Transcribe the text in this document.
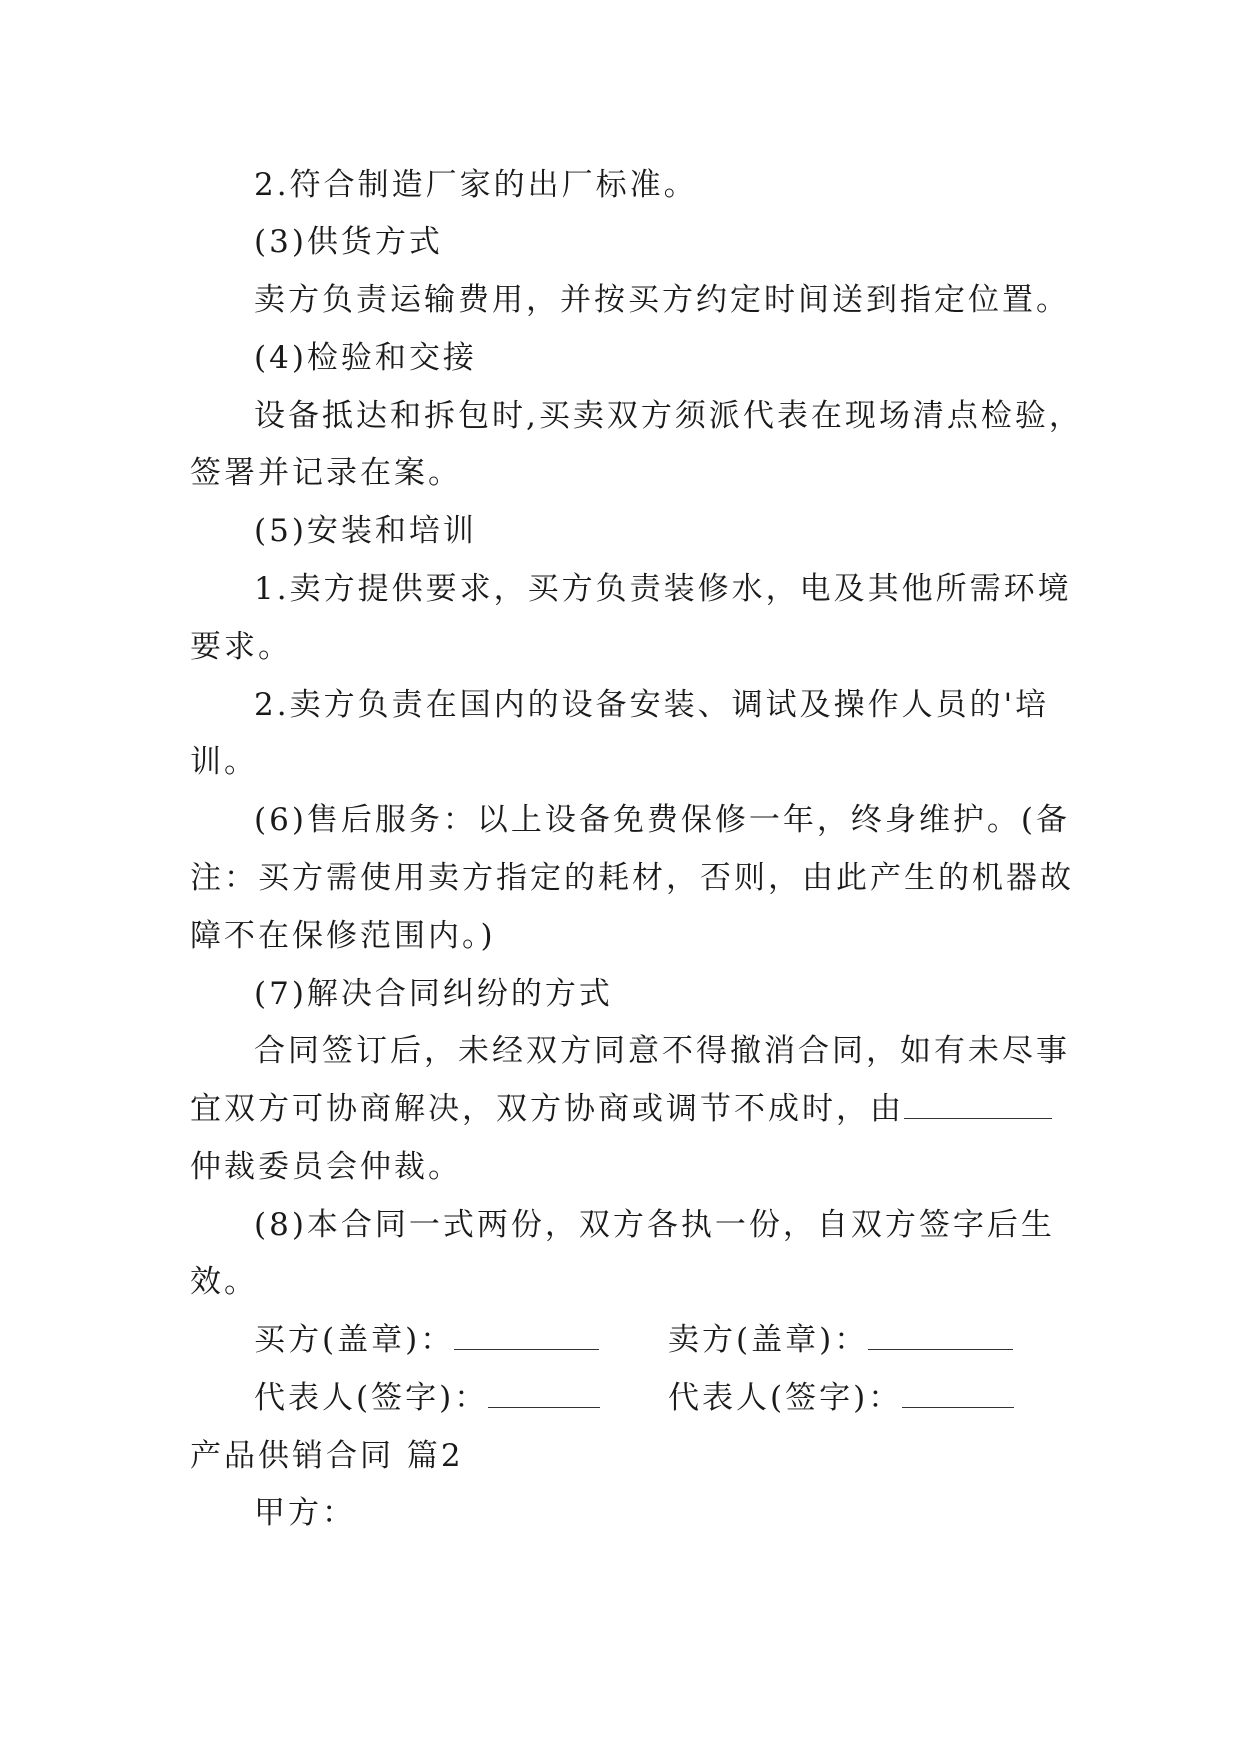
2.符合制造厂家的出厂标准。
(3)供货方式
卖方负责运输费用，并按买方约定时间送到指定位置。
(4)检验和交接
设备抵达和拆包时,买卖双方须派代表在现场清点检验，
签署并记录在案。
(5)安装和培训
1.卖方提供要求，买方负责装修水，电及其他所需环境
要求。
2.卖方负责在国内的设备安装、调试及操作人员的'培
训。
(6)售后服务：以上设备免费保修一年，终身维护。(备
注：买方需使用卖方指定的耗材，否则，由此产生的机器故
障不在保修范围内。)
(7)解决合同纠纷的方式
合同签订后，未经双方同意不得撤消合同，如有未尽事
宜双方可协商解决，双方协商或调节不成时，由
仲裁委员会仲裁。
(8)本合同一式两份，双方各执一份，自双方签字后生
效。
买方(盖章)：	卖方(盖章)：
代表人(签字)：	代表人(签字)：
产品供销合同 篇2
甲方：
